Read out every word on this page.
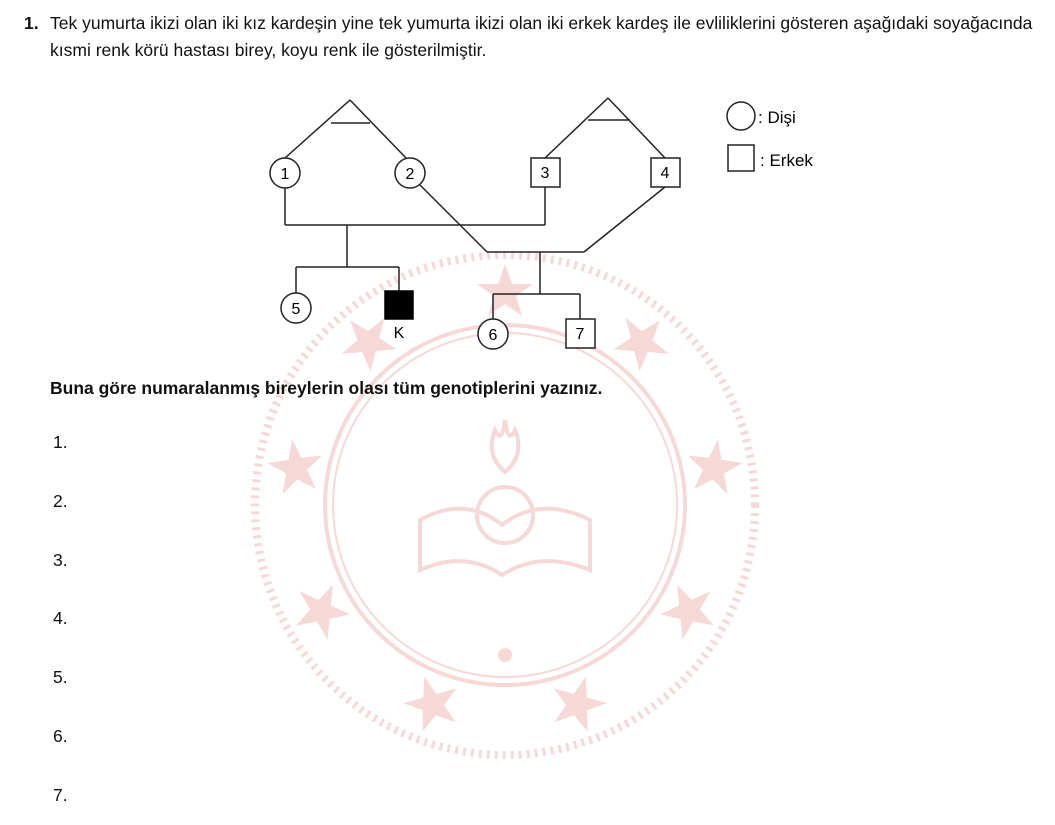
1. Tek yumurta ikizi olan iki kız kardeşin yine tek yumurta ikizi olan iki erkek kardeş ile evliliklerini gösteren aşağıdaki soyağacında kısmi renk körü hastası birey, koyu renk ile gösterilmiştir.
1	2	3	4
5
K	6	7
: Dişi
: Erkek
Buna göre numaralanmış bireylerin olası tüm genotiplerini yazınız.
1.
2.
3.
4.
5.
6.
7.
